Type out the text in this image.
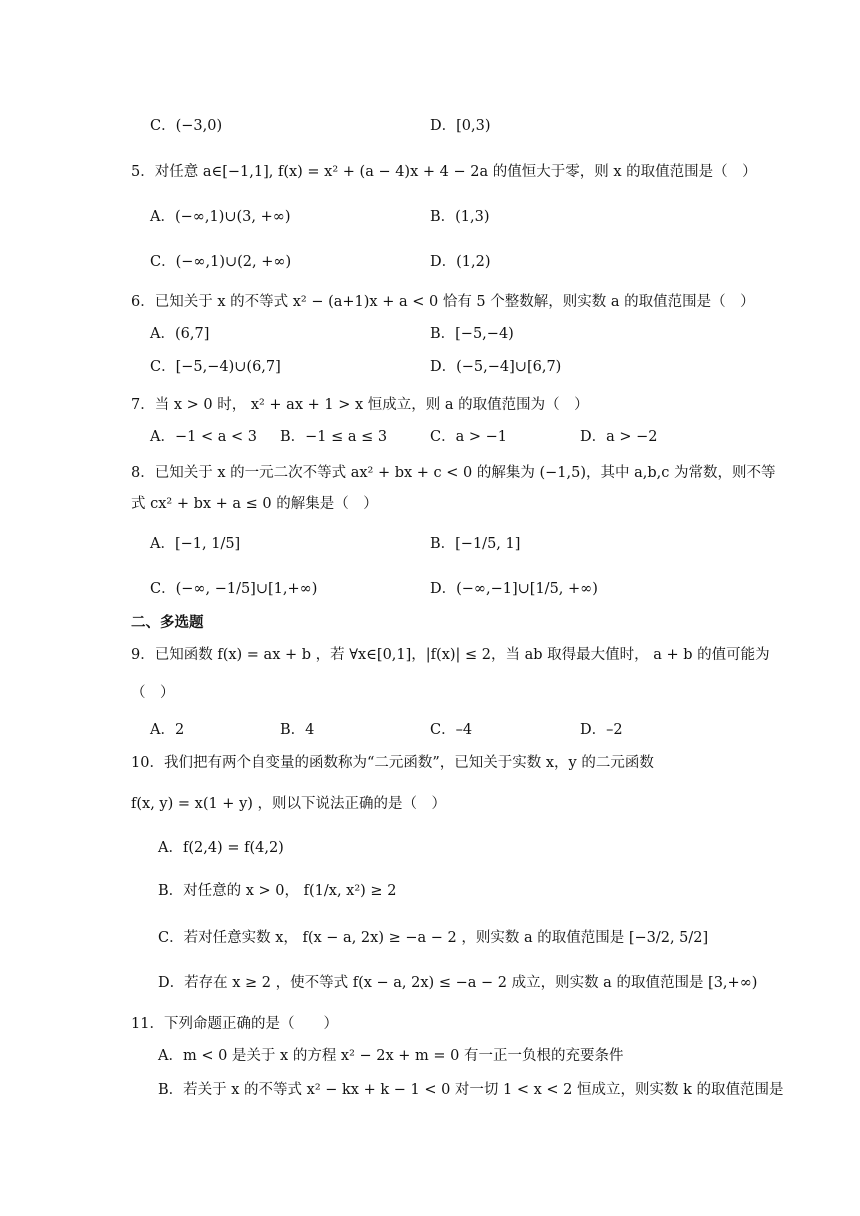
C．(−3,0)	D．[0,3)
5．对任意 a∈[−1,1], f(x) = x² + (a − 4)x + 4 − 2a 的值恒大于零，则 x 的取值范围是（　）
A．(−∞,1)∪(3, +∞)	B．(1,3)
C．(−∞,1)∪(2, +∞)	D．(1,2)
6．已知关于 x 的不等式 x² − (a+1)x + a < 0 恰有 5 个整数解，则实数 a 的取值范围是（　）
A．(6,7]	B．[−5,−4)
C．[−5,−4)∪(6,7]	D．(−5,−4]∪[6,7)
7．当 x > 0 时， x² + ax + 1 > x 恒成立，则 a 的取值范围为（　）
A．−1 < a < 3 B．−1 ≤ a ≤ 3	C．a > −1	D．a > −2
8．已知关于 x 的一元二次不等式 ax² + bx + c < 0 的解集为 (−1,5)，其中 a,b,c 为常数，则不等
式 cx² + bx + a ≤ 0 的解集是（　）
A．[−1, 1/5]	B．[−1/5, 1]
C．(−∞, −1/5]∪[1,+∞)	D．(−∞,−1]∪[1/5, +∞)
二、多选题
9．已知函数 f(x) = ax + b ，若 ∀x∈[0,1]，|f(x)| ≤ 2，当 ab 取得最大值时， a + b 的值可能为
（　）
A．2	B．4	C．–4	D．–2
10．我们把有两个自变量的函数称为“二元函数”，已知关于实数 x，y 的二元函数
f(x, y) = x(1 + y) ，则以下说法正确的是（　）
A．f(2,4) = f(4,2)
B．对任意的 x > 0， f(1/x, x²) ≥ 2
C．若对任意实数 x， f(x − a, 2x) ≥ −a − 2 ，则实数 a 的取值范围是 [−3/2, 5/2]
D．若存在 x ≥ 2 ，使不等式 f(x − a, 2x) ≤ −a − 2 成立，则实数 a 的取值范围是 [3,+∞)
11．下列命题正确的是（　　）
A．m < 0 是关于 x 的方程 x² − 2x + m = 0 有一正一负根的充要条件
B．若关于 x 的不等式 x² − kx + k − 1 < 0 对一切 1 < x < 2 恒成立，则实数 k 的取值范围是
